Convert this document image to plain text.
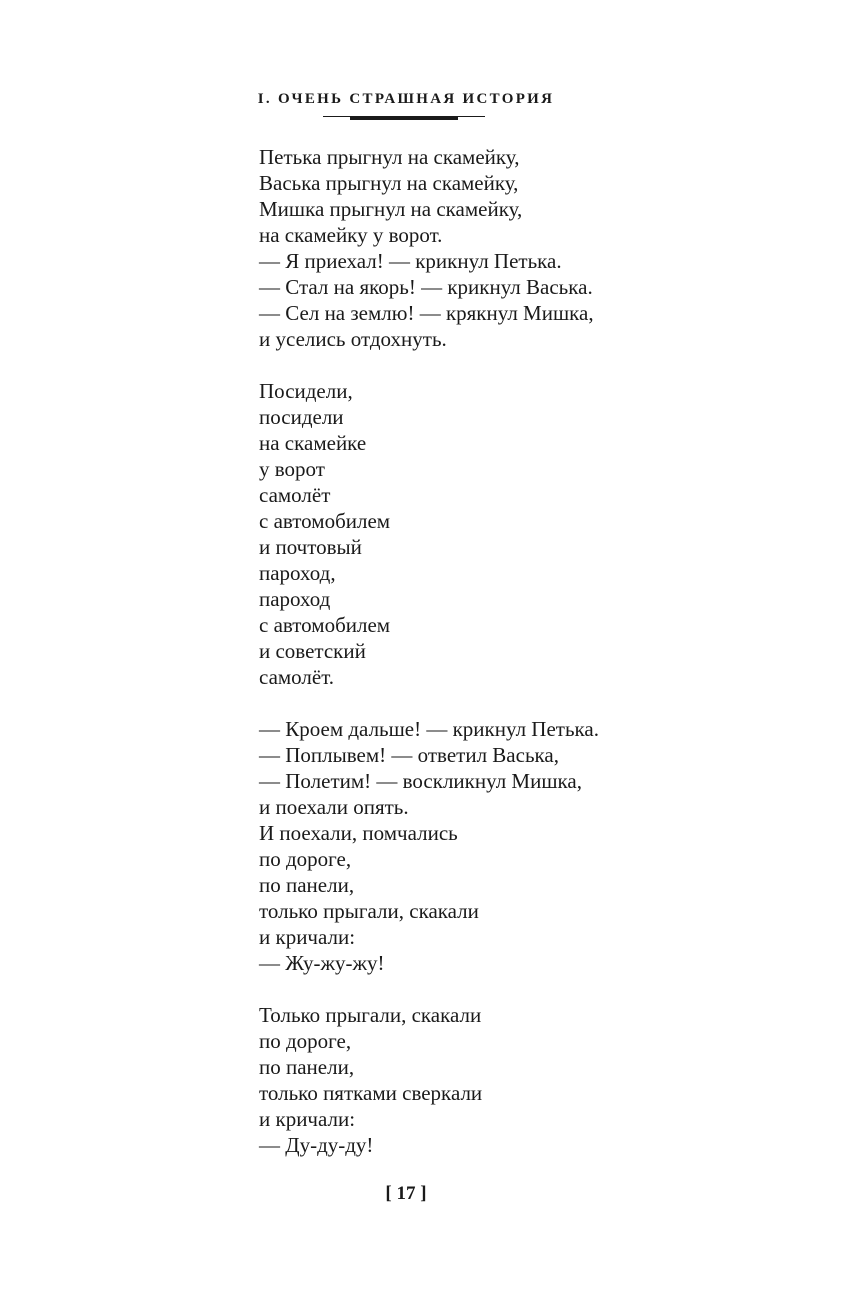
I. ОЧЕНЬ СТРАШНАЯ ИСТОРИЯ
Петька прыгнул на скамейку,
Васька прыгнул на скамейку,
Мишка прыгнул на скамейку,
на скамейку у ворот.
— Я приехал! — крикнул Петька.
— Стал на якорь! — крикнул Васька.
— Сел на землю! — крякнул Мишка,
и уселись отдохнуть.
Посидели,
посидели
на скамейке
у ворот
самолёт
с автомобилем
и почтовый
пароход,
пароход
с автомобилем
и советский
самолёт.
— Кроем дальше! — крикнул Петька.
— Поплывем! — ответил Васька,
— Полетим! — воскликнул Мишка,
и поехали опять.
И поехали, помчались
по дороге,
по панели,
только прыгали, скакали
и кричали:
— Жу-жу-жу!
Только прыгали, скакали
по дороге,
по панели,
только пятками сверкали
и кричали:
— Ду-ду-ду!
[ 17 ]
